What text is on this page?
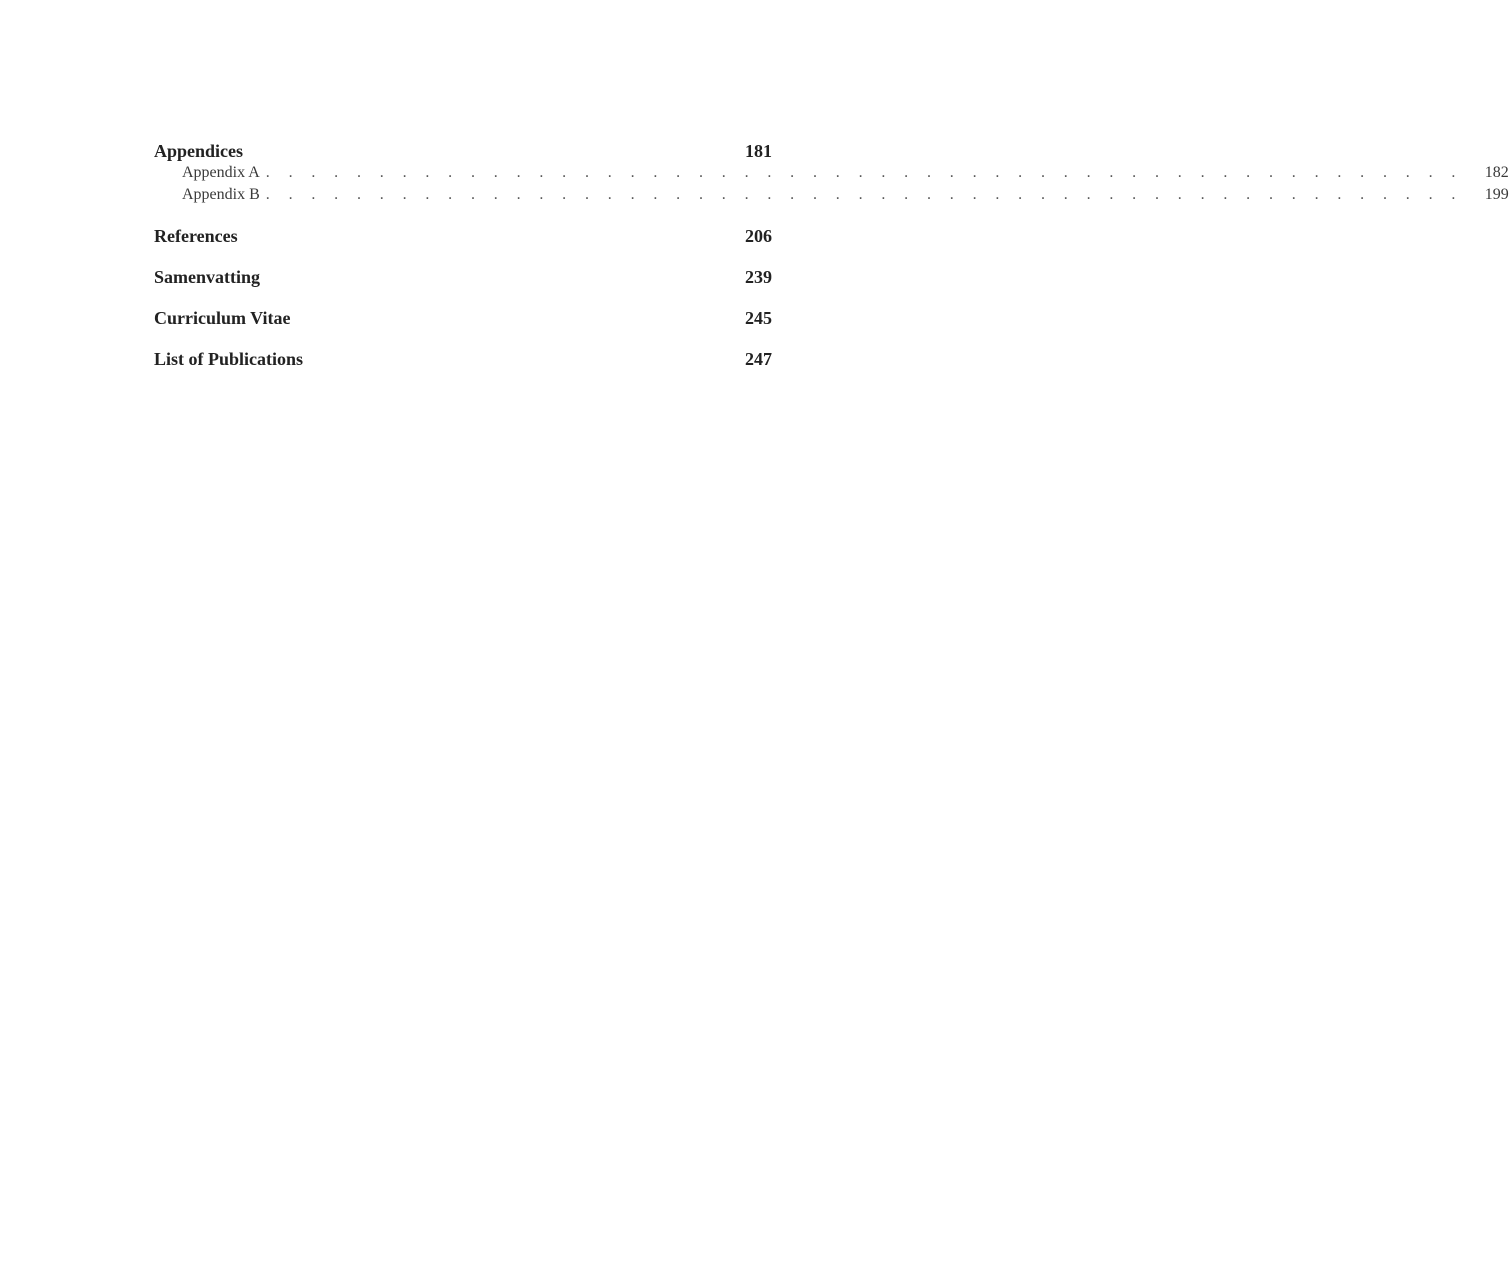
Appendices	181
Appendix A . . . . . . . . . . . . . . . . . . . . . . . . . . . . . . . . . . . . . . . . . . . . . . . . . . . . .	182
Appendix B . . . . . . . . . . . . . . . . . . . . . . . . . . . . . . . . . . . . . . . . . . . . . . . . . . . . .	199
References	206
Samenvatting	239
Curriculum Vitae	245
List of Publications	247
